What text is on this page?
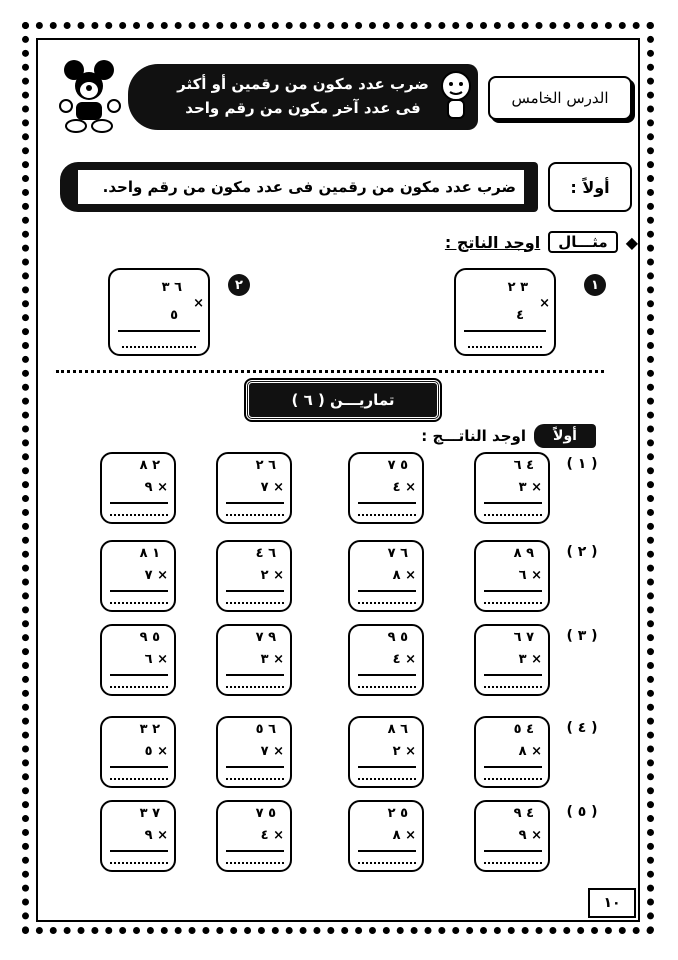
الدرس الخامس
ضرب عدد مكون من رقمين أو أكثر
فى عدد آخر مكون من رقم واحد
ضرب عدد مكون من رقمين فى عدد مكون من رقم واحد.	أولاً :
◆
مثـــال
اوجد الناتج :
١
٣ ٢
٤
×
٢
٦ ٣
٥
×
تماريـــن ( ٦ )
أولاً
اوجد الناتـــج :
( ١ )
٤ ٦
٣ ×
٥ ٧
٤ ×
٦ ٢
٧ ×
٢ ٨
٩ ×
( ٢ )
٩ ٨
٦ ×
٦ ٧
٨ ×
٦ ٤
٢ ×
١ ٨
٧ ×
( ٣ )
٧ ٦
٣ ×
٥ ٩
٤ ×
٩ ٧
٣ ×
٥ ٩
٦ ×
( ٤ )
٤ ٥
٨ ×
٦ ٨
٢ ×
٦ ٥
٧ ×
٢ ٣
٥ ×
( ٥ )
٤ ٩
٩ ×
٥ ٢
٨ ×
٥ ٧
٤ ×
٧ ٣
٩ ×
١٠
